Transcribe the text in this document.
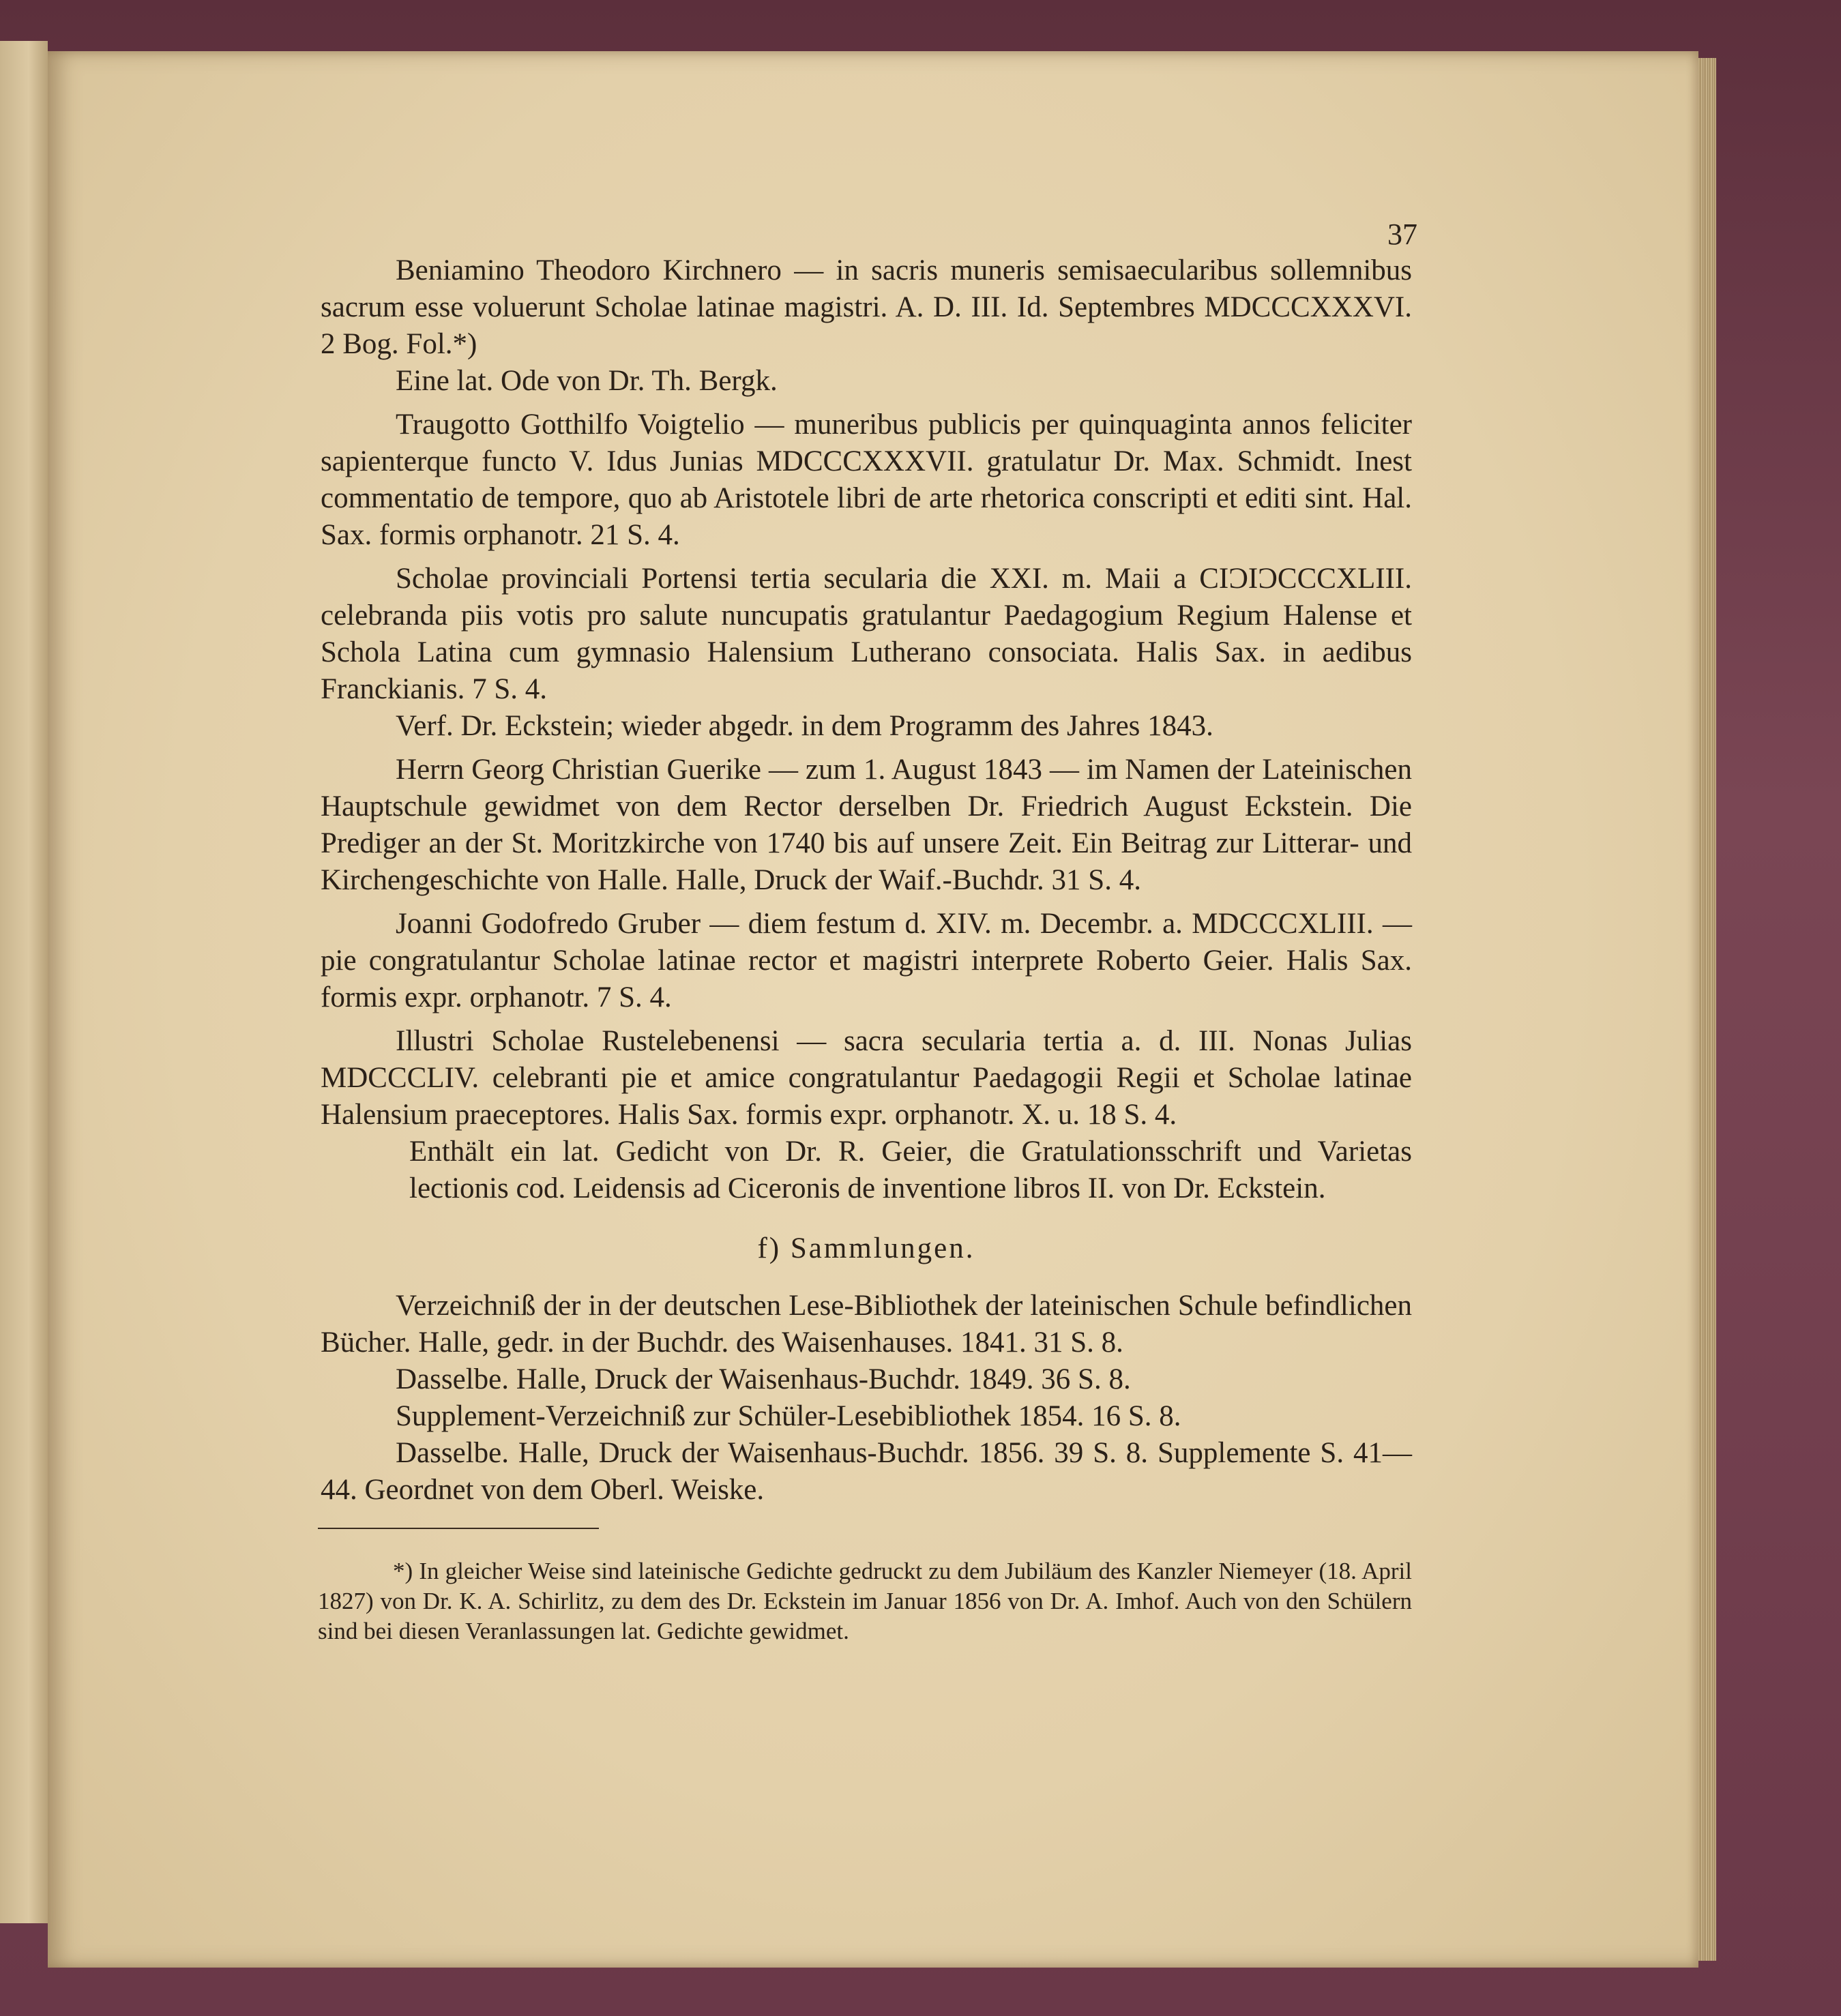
37

Beniamino Theodoro Kirchnero — in sacris muneris semisaecularibus sollemnibus sacrum esse voluerunt Scholae latinae magistri. A. D. III. Id. Septembres MDCCCXXXVI. 2 Bog. Fol.*)

Eine lat. Ode von Dr. Th. Bergk.

Traugotto Gotthilfo Voigtelio — muneribus publicis per quinquaginta annos feliciter sapienterque functo V. Idus Junias MDCCCXXXVII. gratulatur Dr. Max. Schmidt. Inest commentatio de tempore, quo ab Aristotele libri de arte rhetorica conscripti et editi sint. Hal. Sax. formis orphanotr. 21 S. 4.

Scholae provinciali Portensi tertia secularia die XXI. m. Maii a CIƆIƆCCCXLIII. celebranda piis votis pro salute nuncupatis gratulantur Paedagogium Regium Halense et Schola Latina cum gymnasio Halensium Lutherano consociata. Halis Sax. in aedibus Franckianis. 7 S. 4.

Verf. Dr. Eckstein; wieder abgedr. in dem Programm des Jahres 1843.

Herrn Georg Christian Guerike — zum 1. August 1843 — im Namen der Lateinischen Hauptschule gewidmet von dem Rector derselben Dr. Friedrich August Eckstein. Die Prediger an der St. Moritzkirche von 1740 bis auf unsere Zeit. Ein Beitrag zur Litterar- und Kirchengeschichte von Halle. Halle, Druck der Waif.-Buchdr. 31 S. 4.

Joanni Godofredo Gruber — diem festum d. XIV. m. Decembr. a. MDCCCXLIII. — pie congratulantur Scholae latinae rector et magistri interprete Roberto Geier. Halis Sax. formis expr. orphanotr. 7 S. 4.

Illustri Scholae Rustelebenensi — sacra secularia tertia a. d. III. Nonas Julias MDCCCLIV. celebranti pie et amice congratulantur Paedagogii Regii et Scholae latinae Halensium praeceptores. Halis Sax. formis expr. orphanotr. X. u. 18 S. 4.

Enthält ein lat. Gedicht von Dr. R. Geier, die Gratulationsschrift und Varietas lectionis cod. Leidensis ad Ciceronis de inventione libros II. von Dr. Eckstein.

f) Sammlungen.

Verzeichniß der in der deutschen Lese-Bibliothek der lateinischen Schule befindlichen Bücher. Halle, gedr. in der Buchdr. des Waisenhauses. 1841. 31 S. 8.

Dasselbe. Halle, Druck der Waisenhaus-Buchdr. 1849. 36 S. 8.

Supplement-Verzeichniß zur Schüler-Lesebibliothek 1854. 16 S. 8.

Dasselbe. Halle, Druck der Waisenhaus-Buchdr. 1856. 39 S. 8. Supplemente S. 41—44. Geordnet von dem Oberl. Weiske.

*) In gleicher Weise sind lateinische Gedichte gedruckt zu dem Jubiläum des Kanzler Niemeyer (18. April 1827) von Dr. K. A. Schirlitz, zu dem des Dr. Eckstein im Januar 1856 von Dr. A. Imhof. Auch von den Schülern sind bei diesen Veranlassungen lat. Gedichte gewidmet.
